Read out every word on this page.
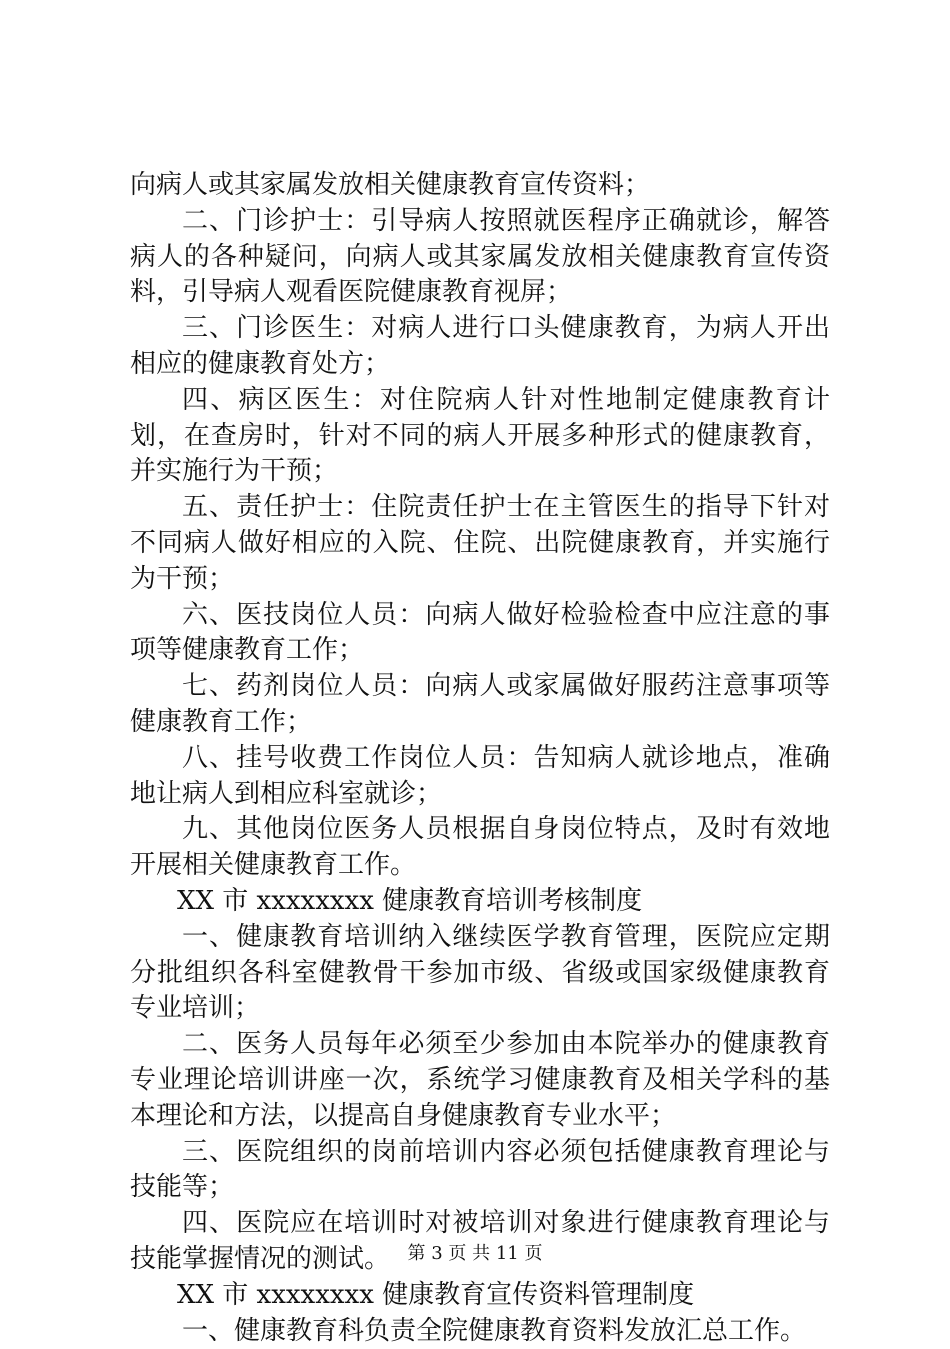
向病人或其家属发放相关健康教育宣传资料；

二、门诊护士：引导病人按照就医程序正确就诊，解答病人的各种疑问，向病人或其家属发放相关健康教育宣传资料，引导病人观看医院健康教育视屏；

三、门诊医生：对病人进行口头健康教育，为病人开出相应的健康教育处方；

四、病区医生：对住院病人针对性地制定健康教育计划，在查房时，针对不同的病人开展多种形式的健康教育，并实施行为干预；

五、责任护士：住院责任护士在主管医生的指导下针对不同病人做好相应的入院、住院、出院健康教育，并实施行为干预；

六、医技岗位人员：向病人做好检验检查中应注意的事项等健康教育工作；

七、药剂岗位人员：向病人或家属做好服药注意事项等健康教育工作；

八、挂号收费工作岗位人员：告知病人就诊地点，准确地让病人到相应科室就诊；

九、其他岗位医务人员根据自身岗位特点，及时有效地开展相关健康教育工作。

XX 市 xxxxxxxx 健康教育培训考核制度

一、健康教育培训纳入继续医学教育管理，医院应定期分批组织各科室健教骨干参加市级、省级或国家级健康教育专业培训；

二、医务人员每年必须至少参加由本院举办的健康教育专业理论培训讲座一次，系统学习健康教育及相关学科的基本理论和方法，以提高自身健康教育专业水平；

三、医院组织的岗前培训内容必须包括健康教育理论与技能等；

四、医院应在培训时对被培训对象进行健康教育理论与技能掌握情况的测试。

XX 市 xxxxxxxx 健康教育宣传资料管理制度

一、健康教育科负责全院健康教育资料发放汇总工作。

第 3 页 共 11 页
